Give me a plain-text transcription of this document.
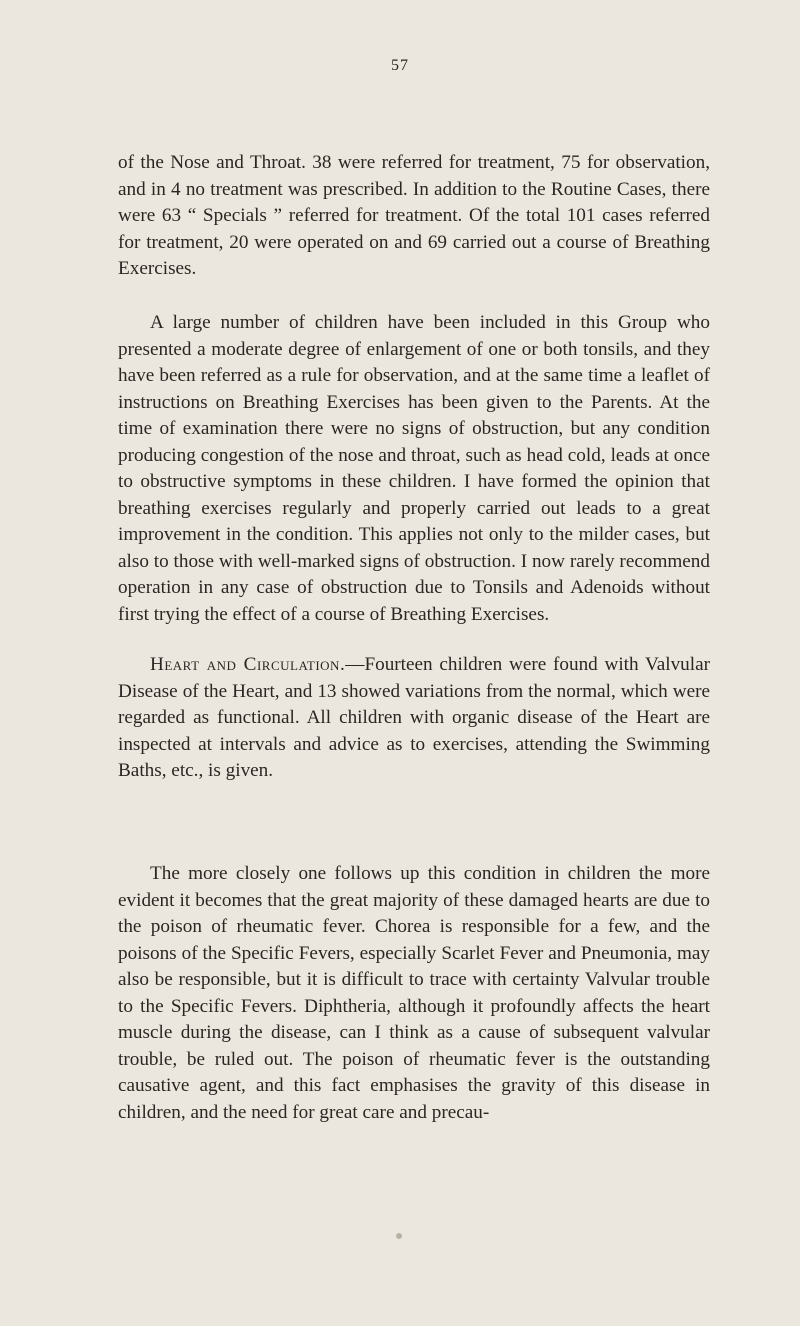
57
of the Nose and Throat. 38 were referred for treatment, 75 for observation, and in 4 no treatment was prescribed. In addition to the Routine Cases, there were 63 “ Specials ” referred for treatment. Of the total 101 cases referred for treatment, 20 were operated on and 69 carried out a course of Breathing Exercises.
A large number of children have been included in this Group who presented a moderate degree of enlargement of one or both tonsils, and they have been referred as a rule for observation, and at the same time a leaflet of instructions on Breathing Exercises has been given to the Parents. At the time of examination there were no signs of obstruction, but any condition producing congestion of the nose and throat, such as head cold, leads at once to obstructive symptoms in these children. I have formed the opinion that breathing exercises regularly and properly carried out leads to a great improvement in the condition. This applies not only to the milder cases, but also to those with well-marked signs of obstruction. I now rarely recommend operation in any case of obstruction due to Tonsils and Adenoids without first trying the effect of a course of Breathing Exercises.
Heart and Circulation.—Fourteen children were found with Valvular Disease of the Heart, and 13 showed variations from the normal, which were regarded as functional. All children with organic disease of the Heart are inspected at intervals and advice as to exercises, attending the Swimming Baths, etc., is given.
The more closely one follows up this condition in children the more evident it becomes that the great majority of these damaged hearts are due to the poison of rheumatic fever. Chorea is responsible for a few, and the poisons of the Specific Fevers, especially Scarlet Fever and Pneumonia, may also be responsible, but it is difficult to trace with certainty Valvular trouble to the Specific Fevers. Diphtheria, although it profoundly affects the heart muscle during the disease, can I think as a cause of subsequent valvular trouble, be ruled out. The poison of rheumatic fever is the outstanding causative agent, and this fact emphasises the gravity of this disease in children, and the need for great care and precau-
